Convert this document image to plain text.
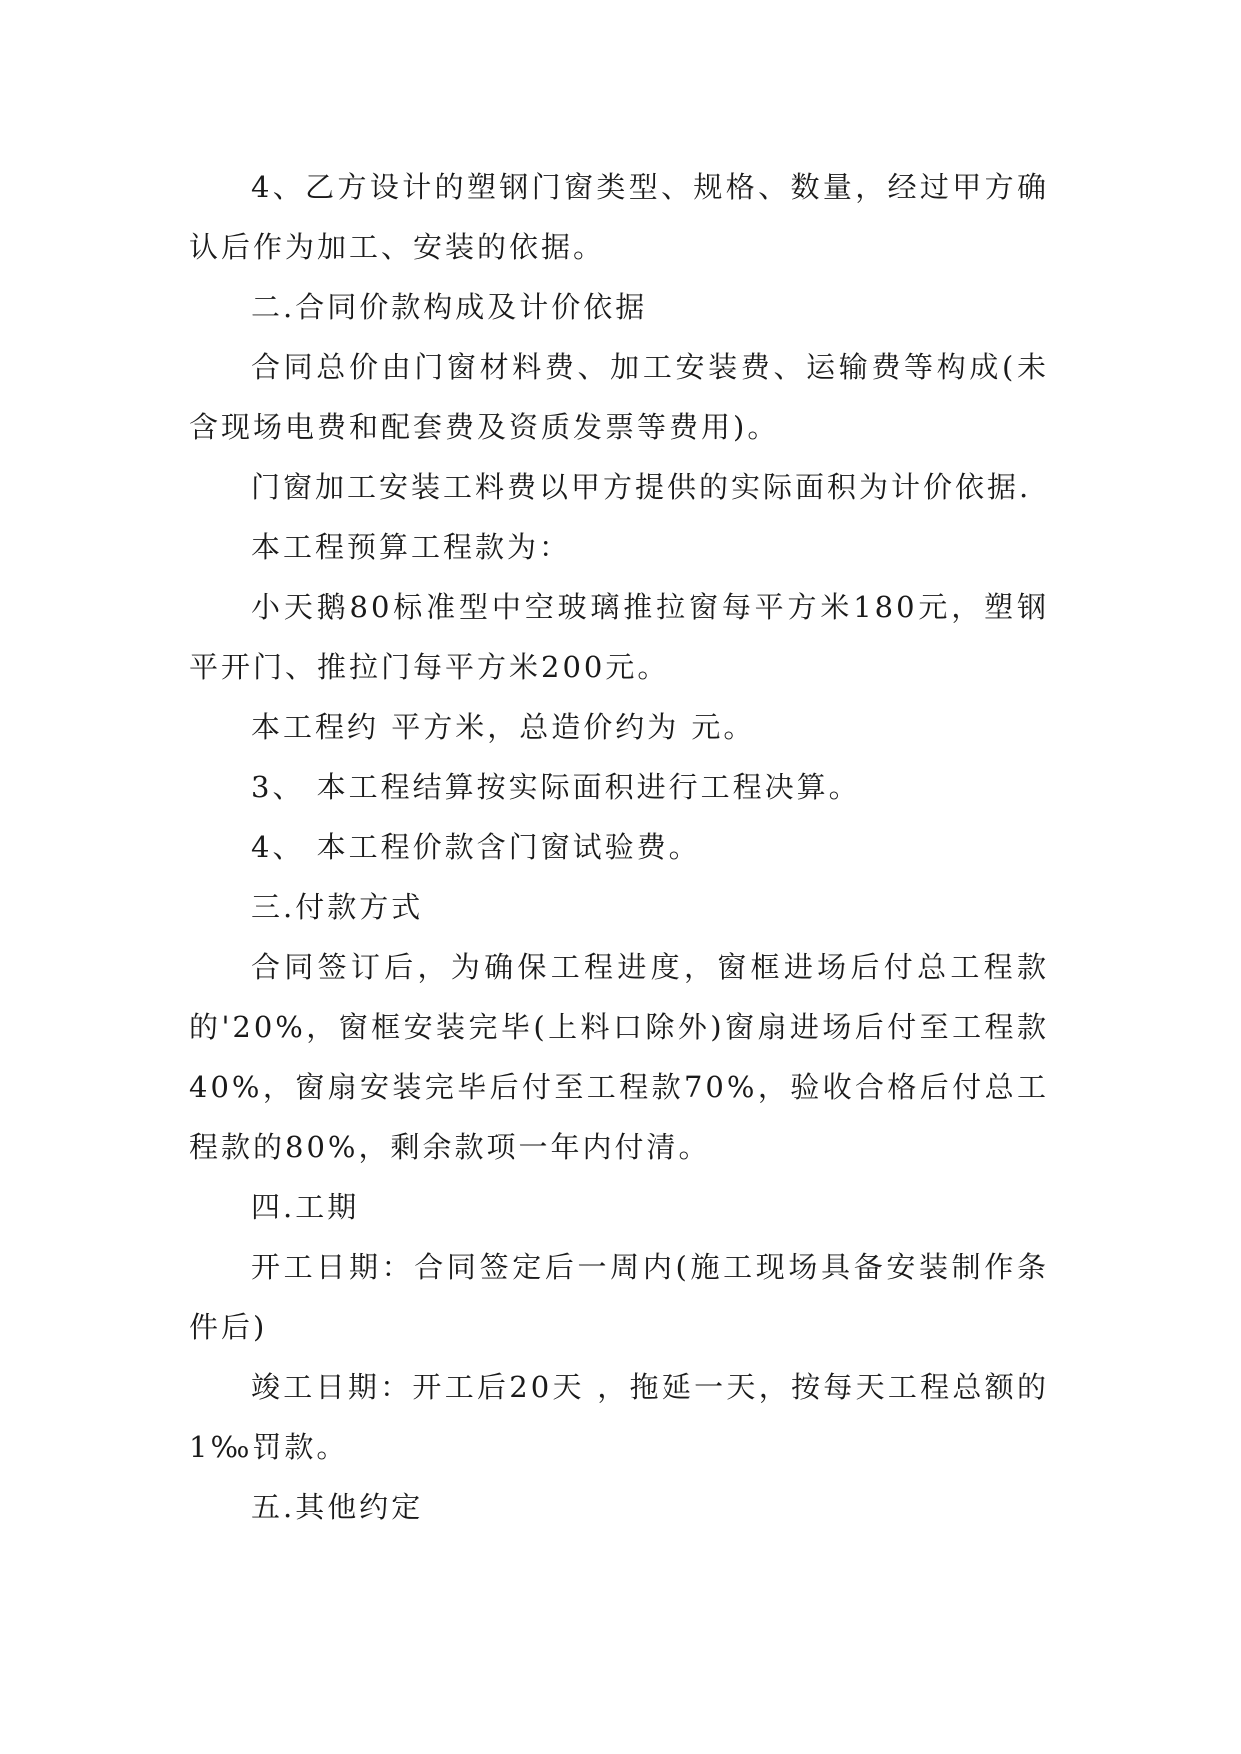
4、乙方设计的塑钢门窗类型、规格、数量，经过甲方确认后作为加工、安装的依据。

二.合同价款构成及计价依据

合同总价由门窗材料费、加工安装费、运输费等构成(未含现场电费和配套费及资质发票等费用)。

门窗加工安装工料费以甲方提供的实际面积为计价依据.

本工程预算工程款为：

小天鹅80标准型中空玻璃推拉窗每平方米180元，塑钢平开门、推拉门每平方米200元。

本工程约 平方米，总造价约为 元。

3、 本工程结算按实际面积进行工程决算。

4、 本工程价款含门窗试验费。

三.付款方式

合同签订后，为确保工程进度，窗框进场后付总工程款的'20%，窗框安装完毕(上料口除外)窗扇进场后付至工程款40%，窗扇安装完毕后付至工程款70%，验收合格后付总工程款的80%，剩余款项一年内付清。

四.工期

开工日期：合同签定后一周内(施工现场具备安装制作条件后)

竣工日期：开工后20天 ，拖延一天，按每天工程总额的1‰罚款。

五.其他约定
